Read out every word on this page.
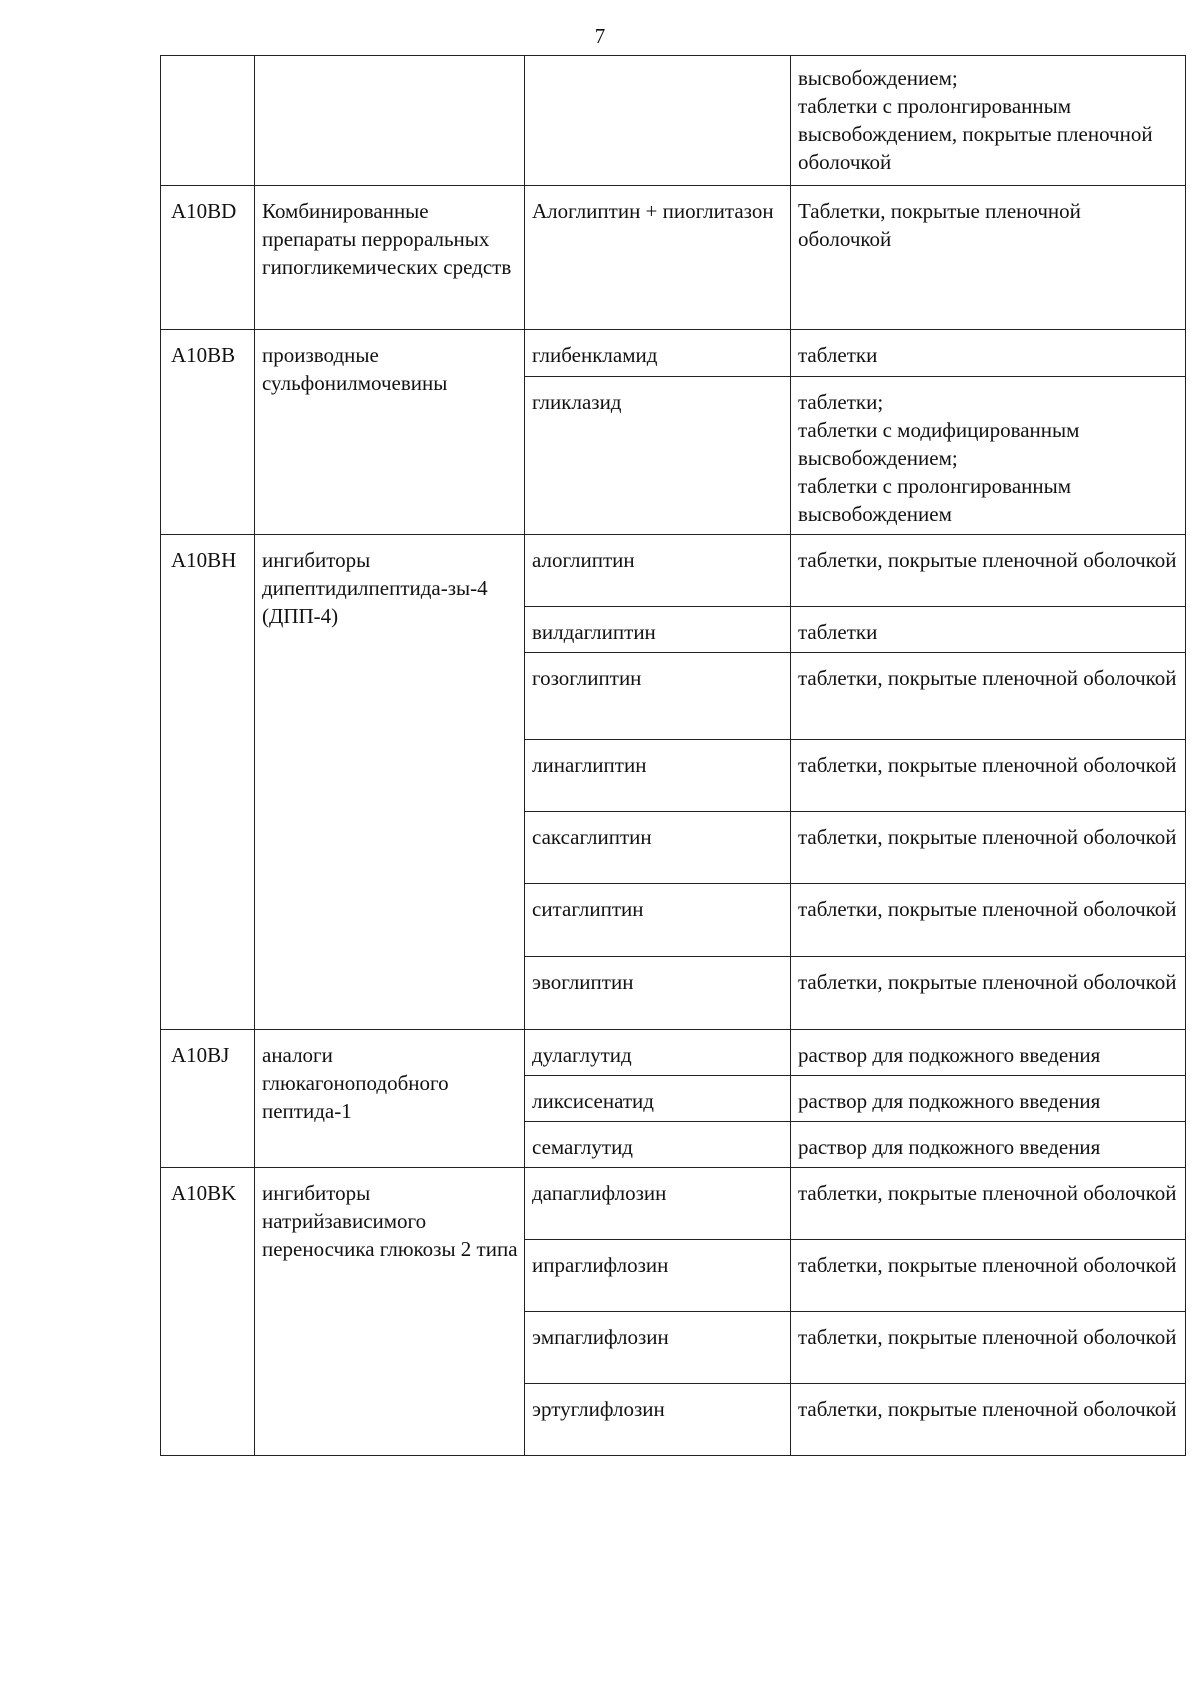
7
			высвобождением;
таблетки с пролонгированным высвобождением, покрытые пленочной оболочкой
A10BD	Комбинированные препараты перроральных гипогликемических средств	Алоглиптин + пиоглитазон	Таблетки, покрытые пленочной оболочкой
A10BB	производные сульфонилмочевины	глибенкламид	таблетки
		гликлазид	таблетки;
таблетки с модифицированным высвобождением;
таблетки с пролонгированным высвобождением
A10BH	ингибиторы дипептидилпептида-зы-4 (ДПП-4)	алоглиптин	таблетки, покрытые пленочной оболочкой
		вилдаглиптин	таблетки
		гозоглиптин	таблетки, покрытые пленочной оболочкой
		линаглиптин	таблетки, покрытые пленочной оболочкой
		саксаглиптин	таблетки, покрытые пленочной оболочкой
		ситаглиптин	таблетки, покрытые пленочной оболочкой
		эвоглиптин	таблетки, покрытые пленочной оболочкой
A10BJ	аналоги глюкагоноподобного пептида-1	дулаглутид	раствор для подкожного введения
		ликсисенатид	раствор для подкожного введения
		семаглутид	раствор для подкожного введения
A10BK	ингибиторы натрийзависимого переносчика глюкозы 2 типа	дапаглифлозин	таблетки, покрытые пленочной оболочкой
		ипраглифлозин	таблетки, покрытые пленочной оболочкой
		эмпаглифлозин	таблетки, покрытые пленочной оболочкой
		эртуглифлозин	таблетки, покрытые пленочной оболочкой
